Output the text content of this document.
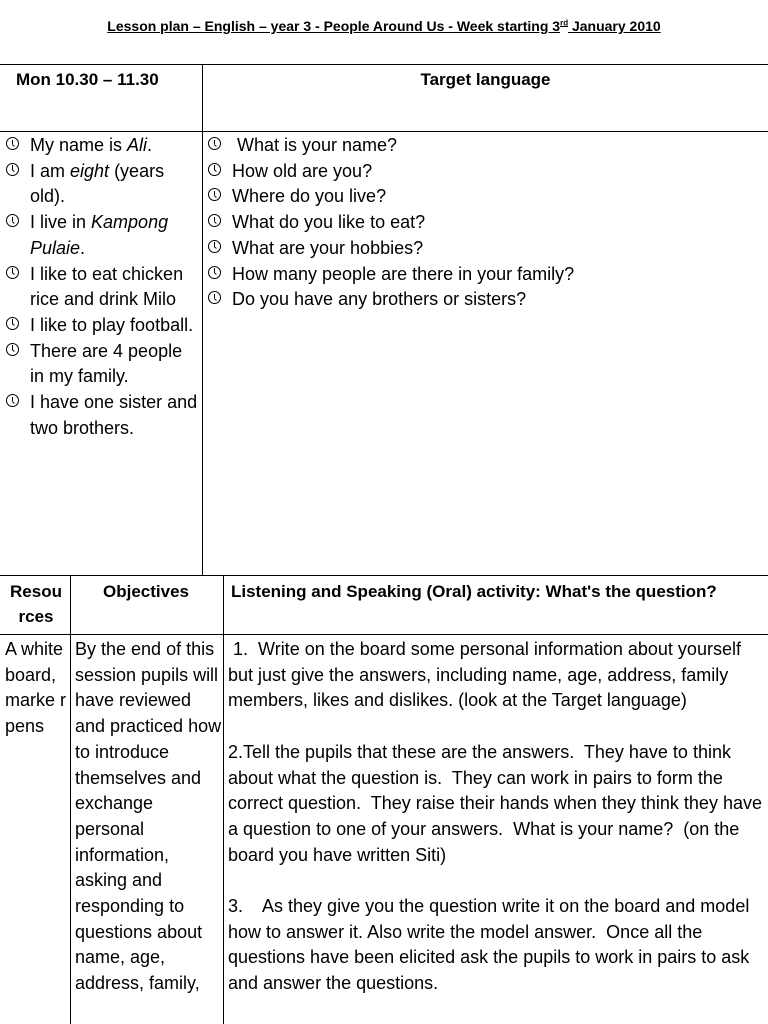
Lesson plan – English – year 3 - People Around Us - Week starting 3rd January 2010
Mon 10.30 – 11.30	Target language
My name is Ali.
I am eight (years old).
I live in Kampong Pulaie.
I like to eat chicken rice and drink Milo
I like to play football.
There are 4 people in my family.
I have one sister and two brothers.
What is your name?
How old are you?
Where do you live?
What do you like to eat?
What are your hobbies?
How many people are there in your family?
Do you have any brothers or sisters?
Resou rces
Objectives	Listening and Speaking (Oral) activity: What's the question?
A white board, marke r pens
By the end of this session pupils will have reviewed and practiced how to introduce themselves and exchange personal information, asking and responding to questions about name, age, address, family,

1.  Write on the board some personal information about yourself but just give the answers, including name, age, address, family members, likes and dislikes. (look at the Target language)

2.Tell the pupils that these are the answers.  They have to think about what the question is.  They can work in pairs to form the correct question.  They raise their hands when they think they have a question to one of your answers.  What is your name?  (on the board you have written Siti)

3.    As they give you the question write it on the board and model how to answer it. Also write the model answer.  Once all the questions have been elicited ask the pupils to work in pairs to ask and answer the questions.
